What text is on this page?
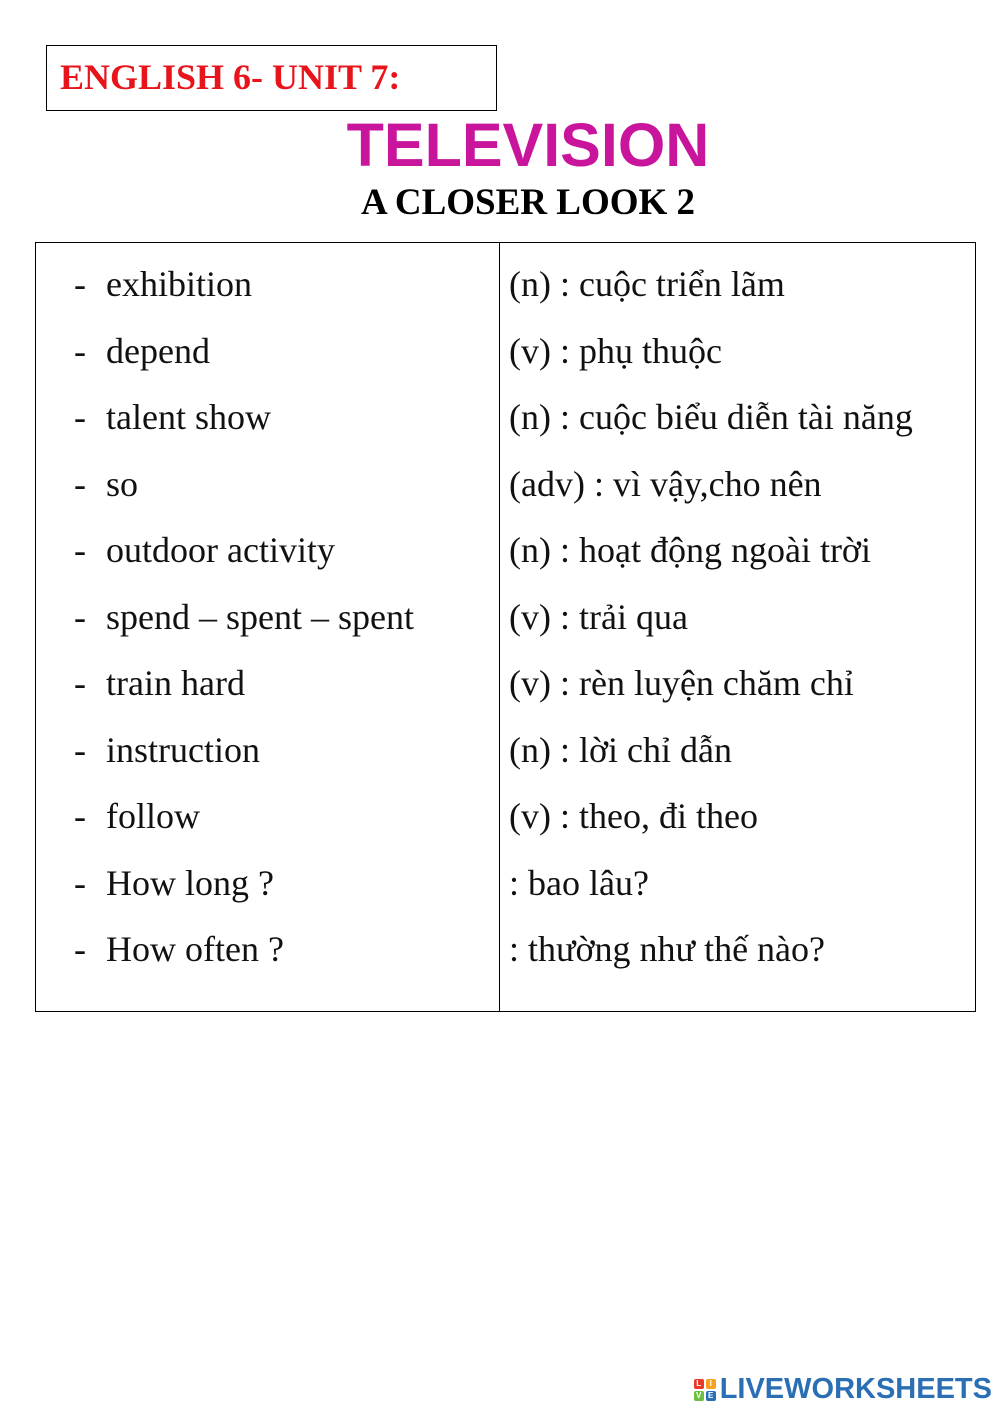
ENGLISH 6- UNIT 7:
TELEVISION
A CLOSER LOOK 2
- exhibition	(n) : cuộc triển lãm
- depend	(v) : phụ thuộc
- talent show	(n) : cuộc biểu diễn tài năng
- so	(adv) : vì vậy,cho nên
- outdoor activity	(n) : hoạt động ngoài trời
- spend – spent – spent	(v) : trải qua
- train hard	(v) : rèn luyện chăm chỉ
- instruction	(n) : lời chỉ dẫn
- follow	(v) : theo, đi theo
- How long ?	: bao lâu?
- How often ?	: thường như thế nào?
L	I
V E LIVEWORKSHEETS
